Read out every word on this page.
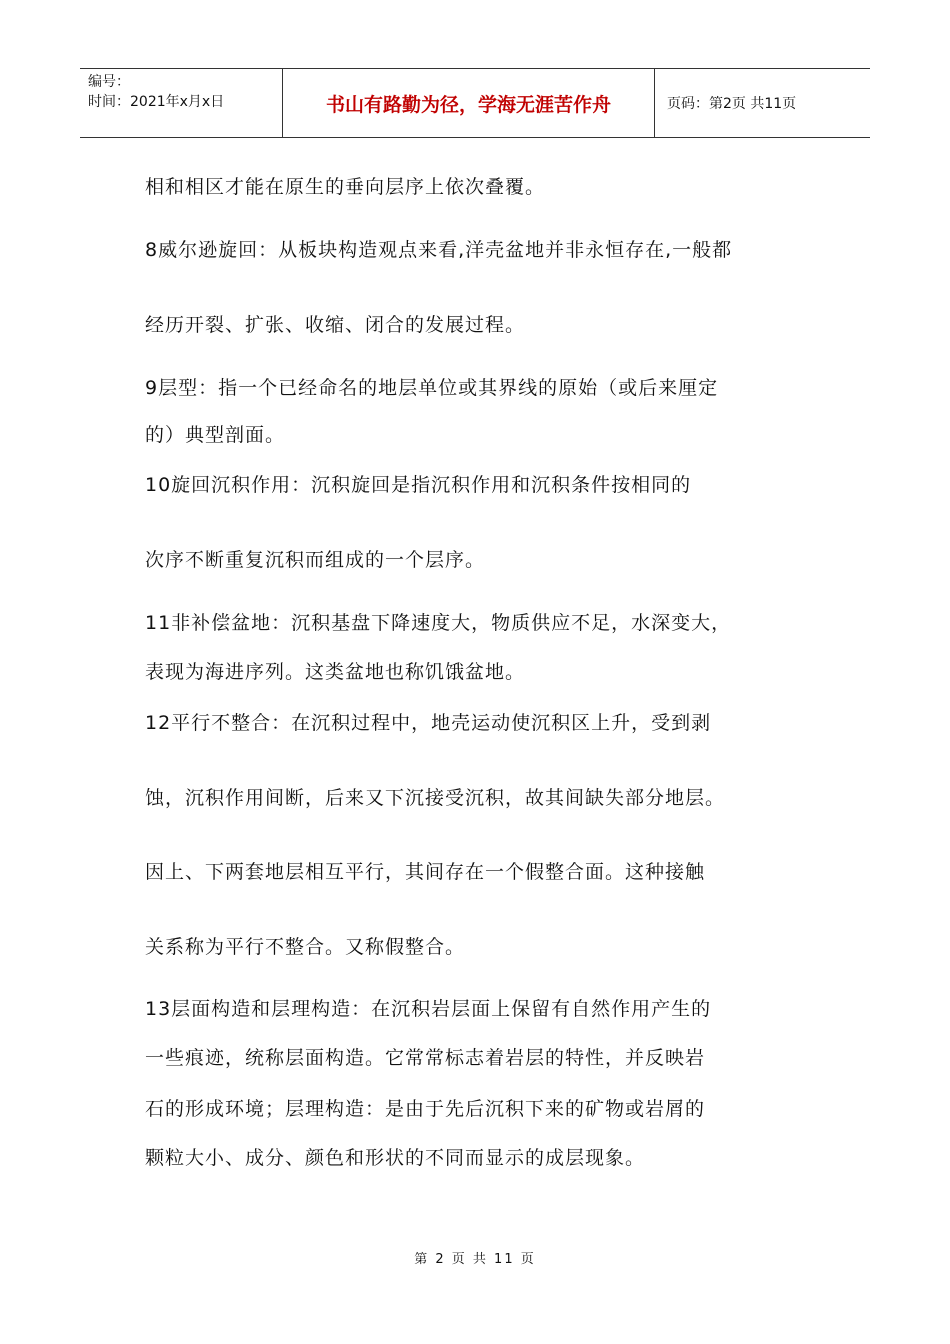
编号：
时间：2021年x月x日	书山有路勤为径，学海无涯苦作舟	页码：第2页 共11页
相和相区才能在原生的垂向层序上依次叠覆。
8威尔逊旋回：从板块构造观点来看,洋壳盆地并非永恒存在,一般都
经历开裂、扩张、收缩、闭合的发展过程。
9层型：指一个已经命名的地层单位或其界线的原始（或后来厘定
的）典型剖面。
10旋回沉积作用：沉积旋回是指沉积作用和沉积条件按相同的
次序不断重复沉积而组成的一个层序。
11非补偿盆地：沉积基盘下降速度大，物质供应不足，水深变大，
表现为海进序列。这类盆地也称饥饿盆地。
12平行不整合：在沉积过程中，地壳运动使沉积区上升，受到剥
蚀，沉积作用间断，后来又下沉接受沉积，故其间缺失部分地层。
因上、下两套地层相互平行，其间存在一个假整合面。这种接触
关系称为平行不整合。又称假整合。
13层面构造和层理构造：在沉积岩层面上保留有自然作用产生的
一些痕迹，统称层面构造。它常常标志着岩层的特性，并反映岩
石的形成环境；层理构造：是由于先后沉积下来的矿物或岩屑的
颗粒大小、成分、颜色和形状的不同而显示的成层现象。
第 2 页 共 11 页
